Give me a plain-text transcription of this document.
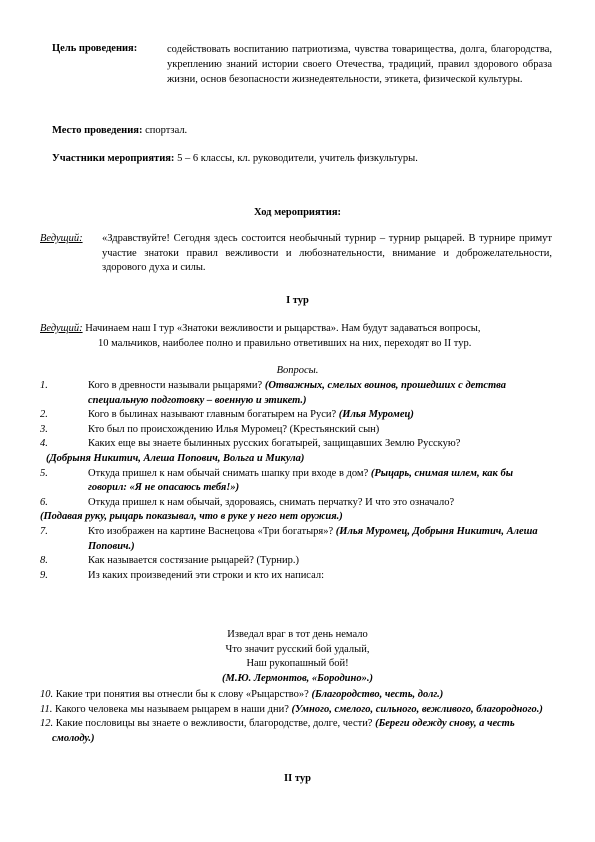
Цель проведения:	содействовать воспитанию патриотизма, чувства товарищества, долга, благородства, укреплению знаний истории своего Отечества, традиций, правил здорового образа жизни, основ безопасности жизнедеятельности, этикета, физической культуры.
Место проведения: спортзал.
Участники мероприятия: 5 – 6 классы, кл. руководители, учитель физкультуры.
Ход мероприятия:
Ведущий:	«Здравствуйте! Сегодня здесь состоится необычный турнир – турнир рыцарей. В турнире примут участие знатоки правил вежливости и любознательности, внимание и доброжелательности, здорового духа и силы.
I тур
Ведущий: Начинаем наш I тур «Знатоки вежливости и рыцарства». Нам будут задаваться вопросы,
10 мальчиков, наиболее полно и правильно ответивших на них, переходят во II тур.
Вопросы.
1.	Кого в древности называли рыцарями? (Отважных, смелых воинов, прошедших с детства специальную подготовку – военную и этикет.)
2.	Кого в былинах называют главным богатырем на Руси? (Илья Муромец)
3.	Кто был по происхождению Илья Муромец? (Крестьянский сын)
4.	Каких еще вы знаете былинных русских богатырей, защищавших Землю Русскую?
(Добрыня Никитич, Алеша Попович, Вольга и Микула)
5.	Откуда пришел к нам обычай снимать шапку при входе в дом? (Рыцарь, снимая шлем, как бы говорил: «Я не опасаюсь тебя!»)
6.	Откуда пришел к нам обычай, здороваясь, снимать перчатку? И что это означало?
(Подавая руку, рыцарь показывал, что в руке у него нет оружия.)
7.	Кто изображен на картине Васнецова «Три богатыря»? (Илья Муромец, Добрыня Никитич, Алеша Попович.)
8.	Как называется состязание рыцарей? (Турнир.)
9.	Из каких произведений эти строки и кто их написал:
Изведал враг в тот день немало
Что значит русский бой удалый,
Наш рукопашный бой!
(М.Ю. Лермонтов, «Бородино».)
10. Какие три понятия вы отнесли бы к слову «Рыцарство»? (Благородство, честь, долг.)
11. Какого человека мы называем рыцарем в наши дни? (Умного, смелого, сильного, вежливого, благородного.)
12. Какие пословицы вы знаете о вежливости, благородстве, долге, чести? (Береги одежду снову, а честь смолоду.)
II тур
